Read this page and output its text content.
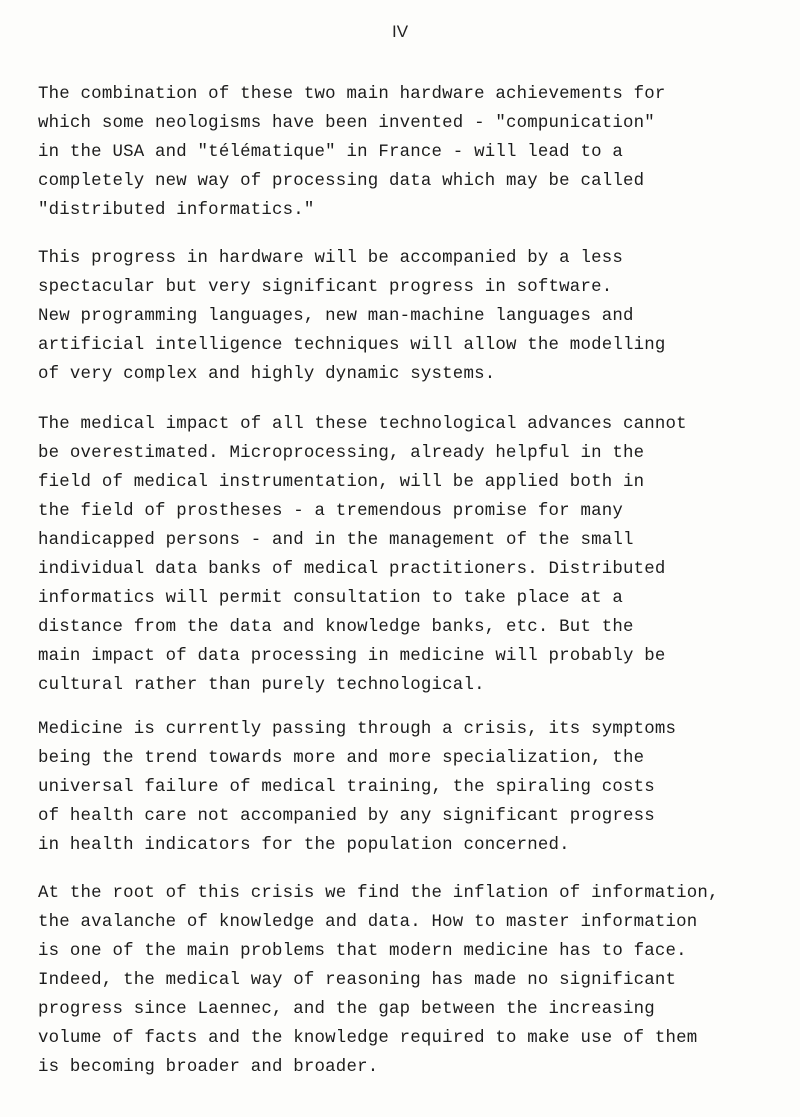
IV
The combination of these two main hardware achievements for
which some neologisms have been invented - "compunication"
in the USA and "télématique" in France - will lead to a
completely new way of processing data which may be called
"distributed informatics."
This progress in hardware will be accompanied by a less
spectacular but very significant progress in software.
New programming languages, new man-machine languages and
artificial intelligence techniques will allow the modelling
of very complex and highly dynamic systems.
The medical impact of all these technological advances cannot
be overestimated. Microprocessing, already helpful in the
field of medical instrumentation, will be applied both in
the field of prostheses - a tremendous promise for many
handicapped persons - and in the management of the small
individual data banks of medical practitioners. Distributed
informatics will permit consultation to take place at a
distance from the data and knowledge banks, etc. But the
main impact of data processing in medicine will probably be
cultural rather than purely technological.
Medicine is currently passing through a crisis, its symptoms
being the trend towards more and more specialization, the
universal failure of medical training, the spiraling costs
of health care not accompanied by any significant progress
in health indicators for the population concerned.
At the root of this crisis we find the inflation of information,
the avalanche of knowledge and data. How to master information
is one of the main problems that modern medicine has to face.
Indeed, the medical way of reasoning has made no significant
progress since Laennec, and the gap between the increasing
volume of facts and the knowledge required to make use of them
is becoming broader and broader.
